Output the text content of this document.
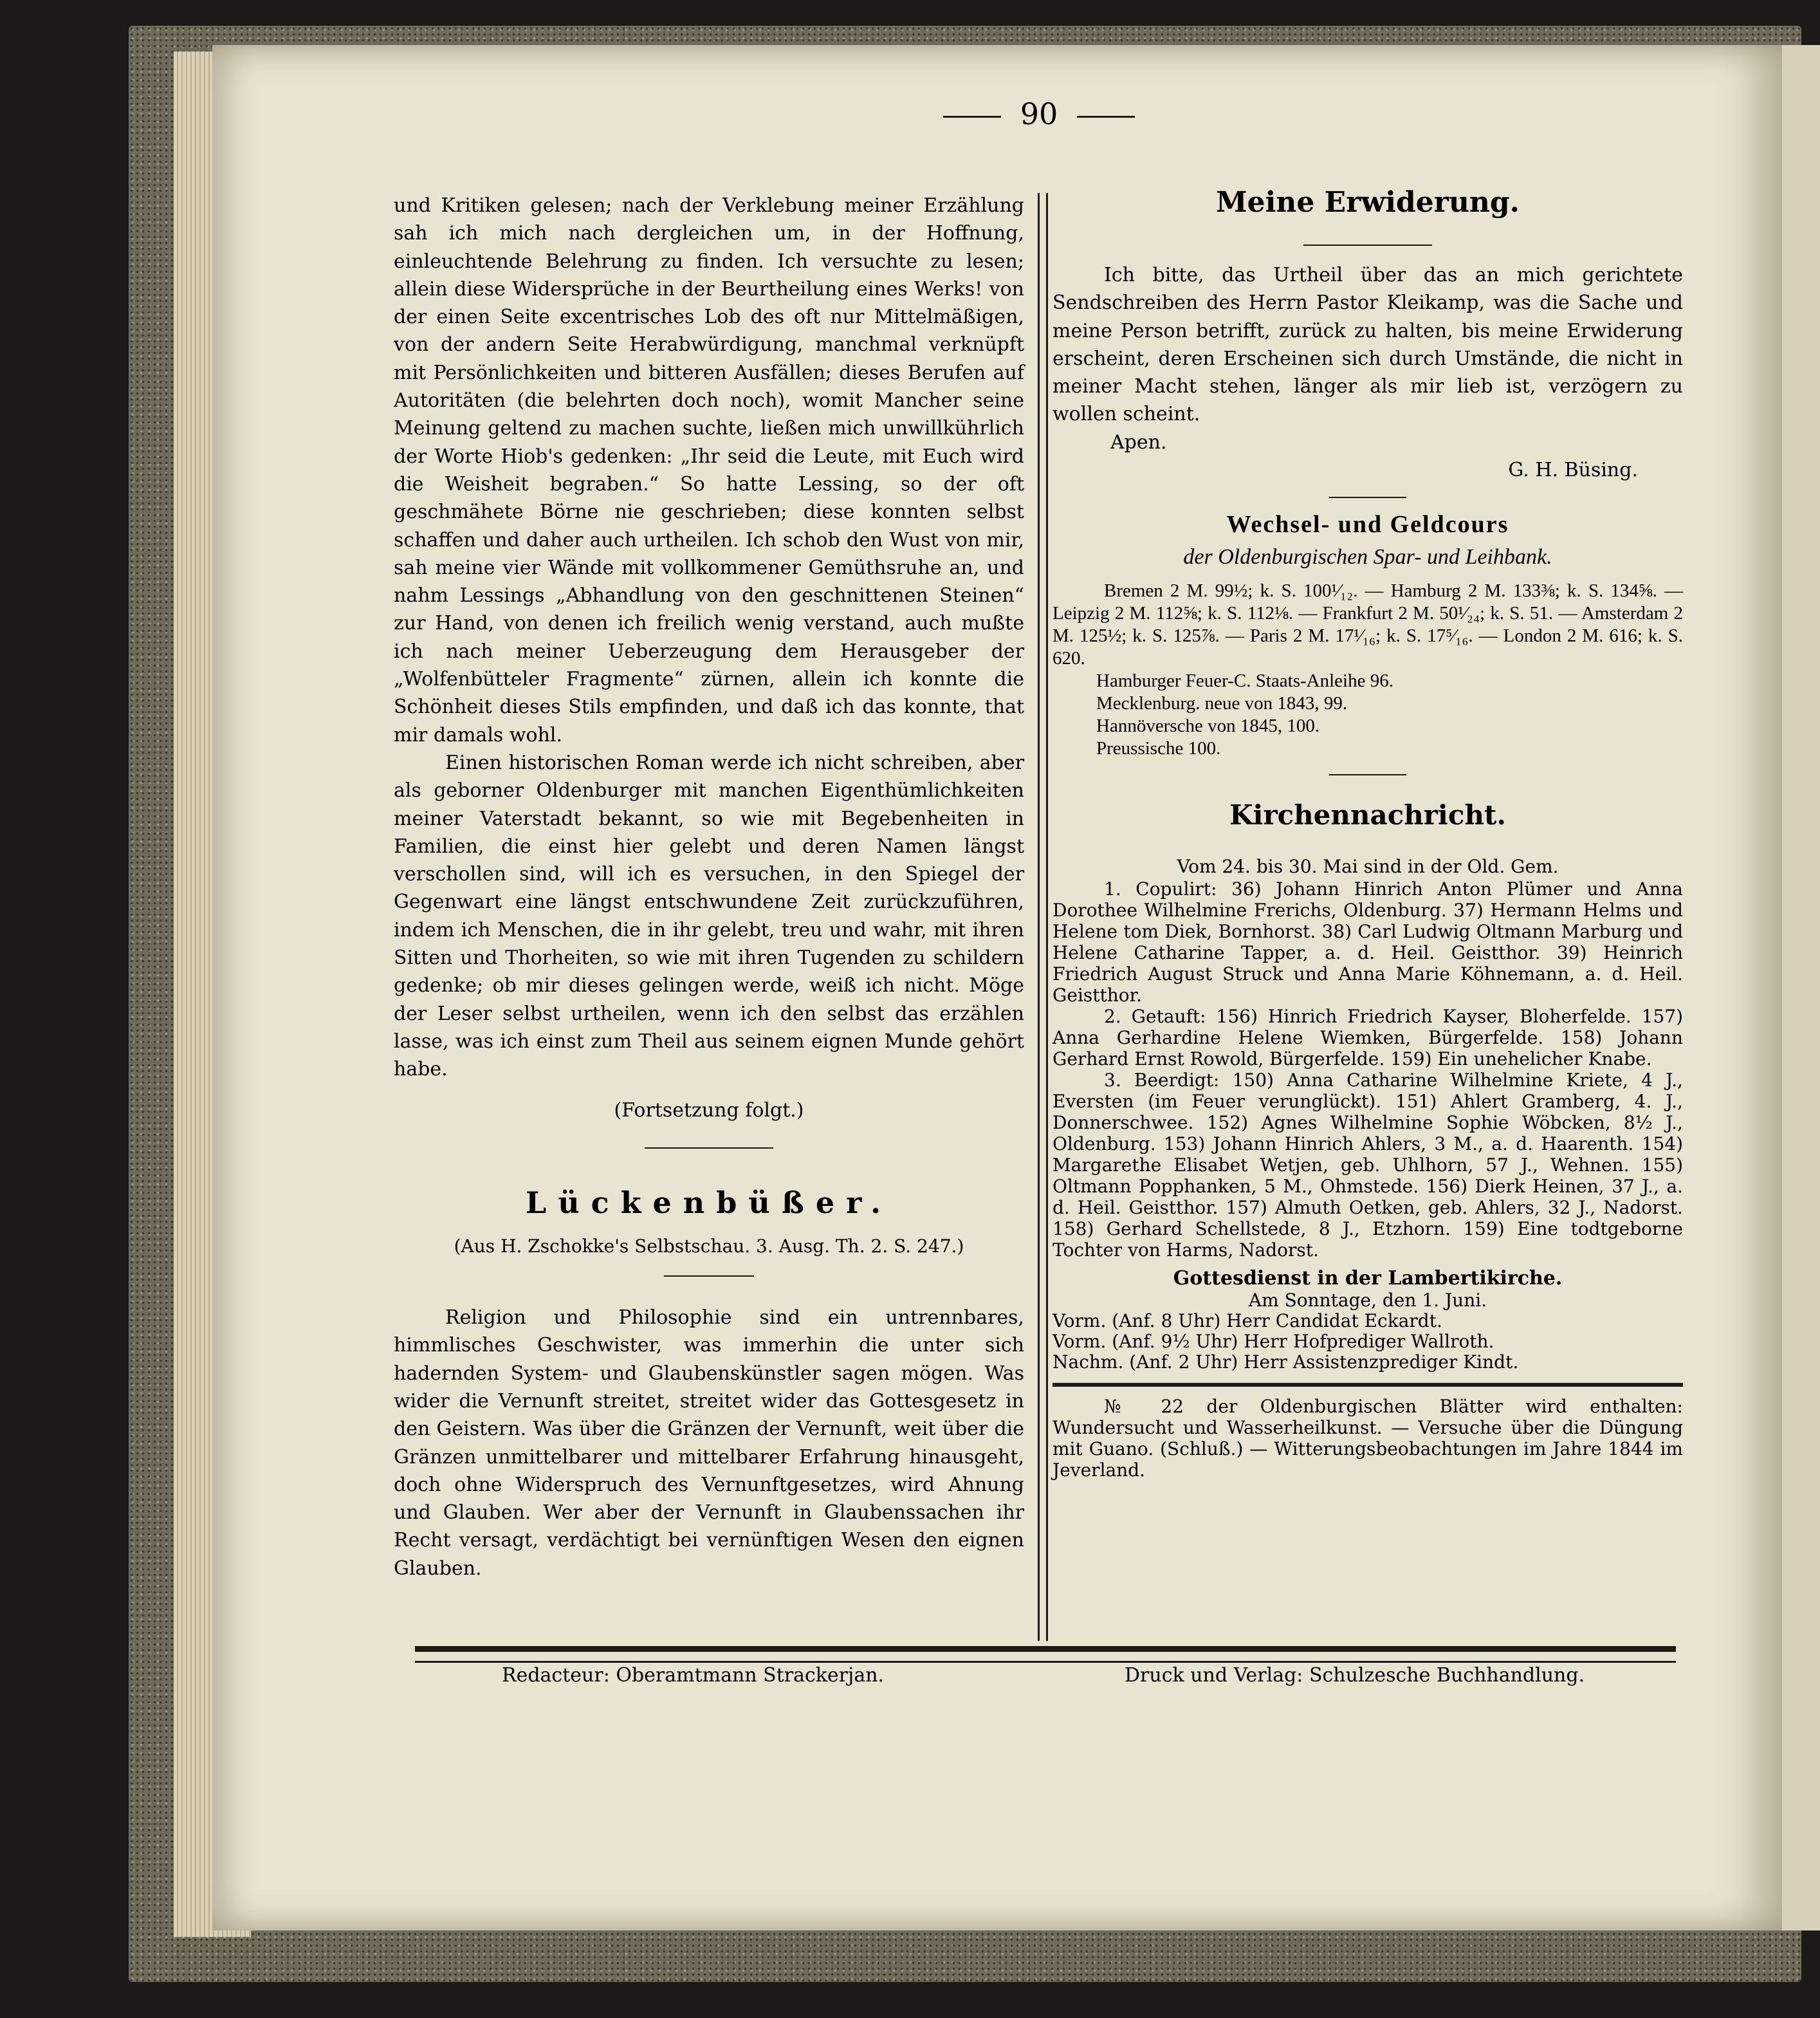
90

und Kritiken gelesen; nach der Verklebung meiner Erzählung sah ich mich nach dergleichen um, in der Hoffnung, einleuchtende Belehrung zu finden. Ich versuchte zu lesen; allein diese Widersprüche in der Beurtheilung eines Werks! von der einen Seite excentrisches Lob des oft nur Mittelmäßigen, von der andern Seite Herabwürdigung, manchmal verknüpft mit Persönlichkeiten und bitteren Ausfällen; dieses Berufen auf Autoritäten (die belehrten doch noch), womit Mancher seine Meinung geltend zu machen suchte, ließen mich unwillkührlich der Worte Hiob's gedenken: „Ihr seid die Leute, mit Euch wird die Weisheit begraben.“ So hatte Lessing, so der oft geschmähete Börne nie geschrieben; diese konnten selbst schaffen und daher auch urtheilen. Ich schob den Wust von mir, sah meine vier Wände mit vollkommener Gemüthsruhe an, und nahm Lessings „Abhandlung von den geschnittenen Steinen“ zur Hand, von denen ich freilich wenig verstand, auch mußte ich nach meiner Ueberzeugung dem Herausgeber der „Wolfenbütteler Fragmente“ zürnen, allein ich konnte die Schönheit dieses Stils empfinden, und daß ich das konnte, that mir damals wohl.

Einen historischen Roman werde ich nicht schreiben, aber als geborner Oldenburger mit manchen Eigenthümlichkeiten meiner Vaterstadt bekannt, so wie mit Begebenheiten in Familien, die einst hier gelebt und deren Namen längst verschollen sind, will ich es versuchen, in den Spiegel der Gegenwart eine längst entschwundene Zeit zurückzuführen, indem ich Menschen, die in ihr gelebt, treu und wahr, mit ihren Sitten und Thorheiten, so wie mit ihren Tugenden zu schildern gedenke; ob mir dieses gelingen werde, weiß ich nicht. Möge der Leser selbst urtheilen, wenn ich den selbst das erzählen lasse, was ich einst zum Theil aus seinem eignen Munde gehört habe.

(Fortsetzung folgt.)

Lückenbüßer.

(Aus H. Zschokke's Selbstschau. 3. Ausg. Th. 2. S. 247.)

Religion und Philosophie sind ein untrennbares, himmlisches Geschwister, was immerhin die unter sich hadernden System- und Glaubenskünstler sagen mögen. Was wider die Vernunft streitet, streitet wider das Gottesgesetz in den Geistern. Was über die Gränzen der Vernunft, weit über die Gränzen unmittelbarer und mittelbarer Erfahrung hinausgeht, doch ohne Widerspruch des Vernunftgesetzes, wird Ahnung und Glauben. Wer aber der Vernunft in Glaubenssachen ihr Recht versagt, verdächtigt bei vernünftigen Wesen den eignen Glauben.

Meine Erwiderung.

Ich bitte, das Urtheil über das an mich gerichtete Sendschreiben des Herrn Pastor Kleikamp, was die Sache und meine Person betrifft, zurück zu halten, bis meine Erwiderung erscheint, deren Erscheinen sich durch Umstände, die nicht in meiner Macht stehen, länger als mir lieb ist, verzögern zu wollen scheint.

Apen.

G. H. Büsing.

Wechsel- und Geldcours

der Oldenburgischen Spar- und Leihbank.

Bremen 2 M. 99½; k. S. 100¹⁄₁₂. — Hamburg 2 M. 133⅜; k. S. 134⅝. — Leipzig 2 M. 112⅝; k. S. 112⅛. — Frankfurt 2 M. 50¹⁄₂₄; k. S. 51. — Amsterdam 2 M. 125½; k. S. 125⅞. — Paris 2 M. 17¹⁄₁₆; k. S. 17⁵⁄₁₆. — London 2 M. 616; k. S. 620.

Hamburger Feuer-C. Staats-Anleihe 96.

Mecklenburg. neue von 1843, 99.

Hannöversche von 1845, 100.

Preussische 100.

Kirchennachricht.

Vom 24. bis 30. Mai sind in der Old. Gem.

1. Copulirt: 36) Johann Hinrich Anton Plümer und Anna Dorothee Wilhelmine Frerichs, Oldenburg. 37) Hermann Helms und Helene tom Diek, Bornhorst. 38) Carl Ludwig Oltmann Marburg und Helene Catharine Tapper, a. d. Heil. Geistthor. 39) Heinrich Friedrich August Struck und Anna Marie Köhnemann, a. d. Heil. Geistthor.

2. Getauft: 156) Hinrich Friedrich Kayser, Bloherfelde. 157) Anna Gerhardine Helene Wiemken, Bürgerfelde. 158) Johann Gerhard Ernst Rowold, Bürgerfelde. 159) Ein unehelicher Knabe.

3. Beerdigt: 150) Anna Catharine Wilhelmine Kriete, 4 J., Eversten (im Feuer verunglückt). 151) Ahlert Gramberg, 4. J., Donnerschwee. 152) Agnes Wilhelmine Sophie Wöbcken, 8½ J., Oldenburg. 153) Johann Hinrich Ahlers, 3 M., a. d. Haarenth. 154) Margarethe Elisabet Wetjen, geb. Uhlhorn, 57 J., Wehnen. 155) Oltmann Popphanken, 5 M., Ohmstede. 156) Dierk Heinen, 37 J., a. d. Heil. Geistthor. 157) Almuth Oetken, geb. Ahlers, 32 J., Nadorst. 158) Gerhard Schellstede, 8 J., Etzhorn. 159) Eine todtgeborne Tochter von Harms, Nadorst.

Gottesdienst in der Lambertikirche.

Am Sonntage, den 1. Juni.

Vorm. (Anf. 8 Uhr) Herr Candidat Eckardt.

Vorm. (Anf. 9½ Uhr) Herr Hofprediger Wallroth.

Nachm. (Anf. 2 Uhr) Herr Assistenzprediger Kindt.

№ 22 der Oldenburgischen Blätter wird enthalten: Wundersucht und Wasserheilkunst. — Versuche über die Düngung mit Guano. (Schluß.) — Witterungsbeobachtungen im Jahre 1844 im Jeverland.

Redacteur: Oberamtmann Strackerjan.	Druck und Verlag: Schulzesche Buchhandlung.
